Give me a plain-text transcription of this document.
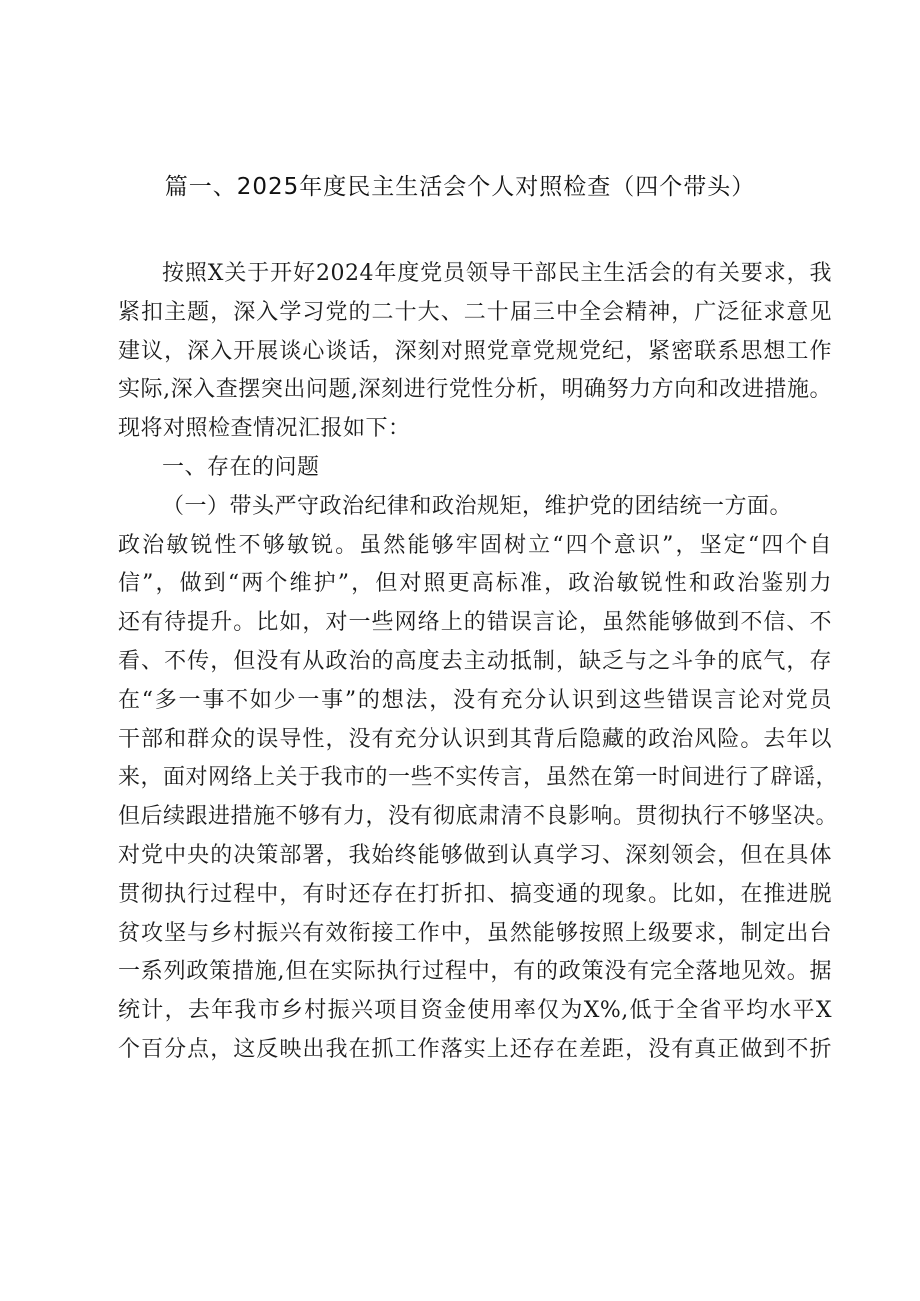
篇一、2025年度民主生活会个人对照检查（四个带头）
按照X关于开好2024年度党员领导干部民主生活会的有关要求，我
紧扣主题，深入学习党的二十大、二十届三中全会精神，广泛征求意见
建议，深入开展谈心谈话，深刻对照党章党规党纪，紧密联系思想工作
实际,深入查摆突出问题,深刻进行党性分析，明确努力方向和改进措施。
现将对照检查情况汇报如下：
一、存在的问题
（一）带头严守政治纪律和政治规矩，维护党的团结统一方面。
政治敏锐性不够敏锐。虽然能够牢固树立“四个意识”，坚定“四个自
信”，做到“两个维护”，但对照更高标准，政治敏锐性和政治鉴别力
还有待提升。比如，对一些网络上的错误言论，虽然能够做到不信、不
看、不传，但没有从政治的高度去主动抵制，缺乏与之斗争的底气，存
在“多一事不如少一事”的想法，没有充分认识到这些错误言论对党员
干部和群众的误导性，没有充分认识到其背后隐藏的政治风险。去年以
来，面对网络上关于我市的一些不实传言，虽然在第一时间进行了辟谣，
但后续跟进措施不够有力，没有彻底肃清不良影响。贯彻执行不够坚决。
对党中央的决策部署，我始终能够做到认真学习、深刻领会，但在具体
贯彻执行过程中，有时还存在打折扣、搞变通的现象。比如，在推进脱
贫攻坚与乡村振兴有效衔接工作中，虽然能够按照上级要求，制定出台
一系列政策措施,但在实际执行过程中，有的政策没有完全落地见效。据
统计，去年我市乡村振兴项目资金使用率仅为X%,低于全省平均水平X
个百分点，这反映出我在抓工作落实上还存在差距，没有真正做到不折
